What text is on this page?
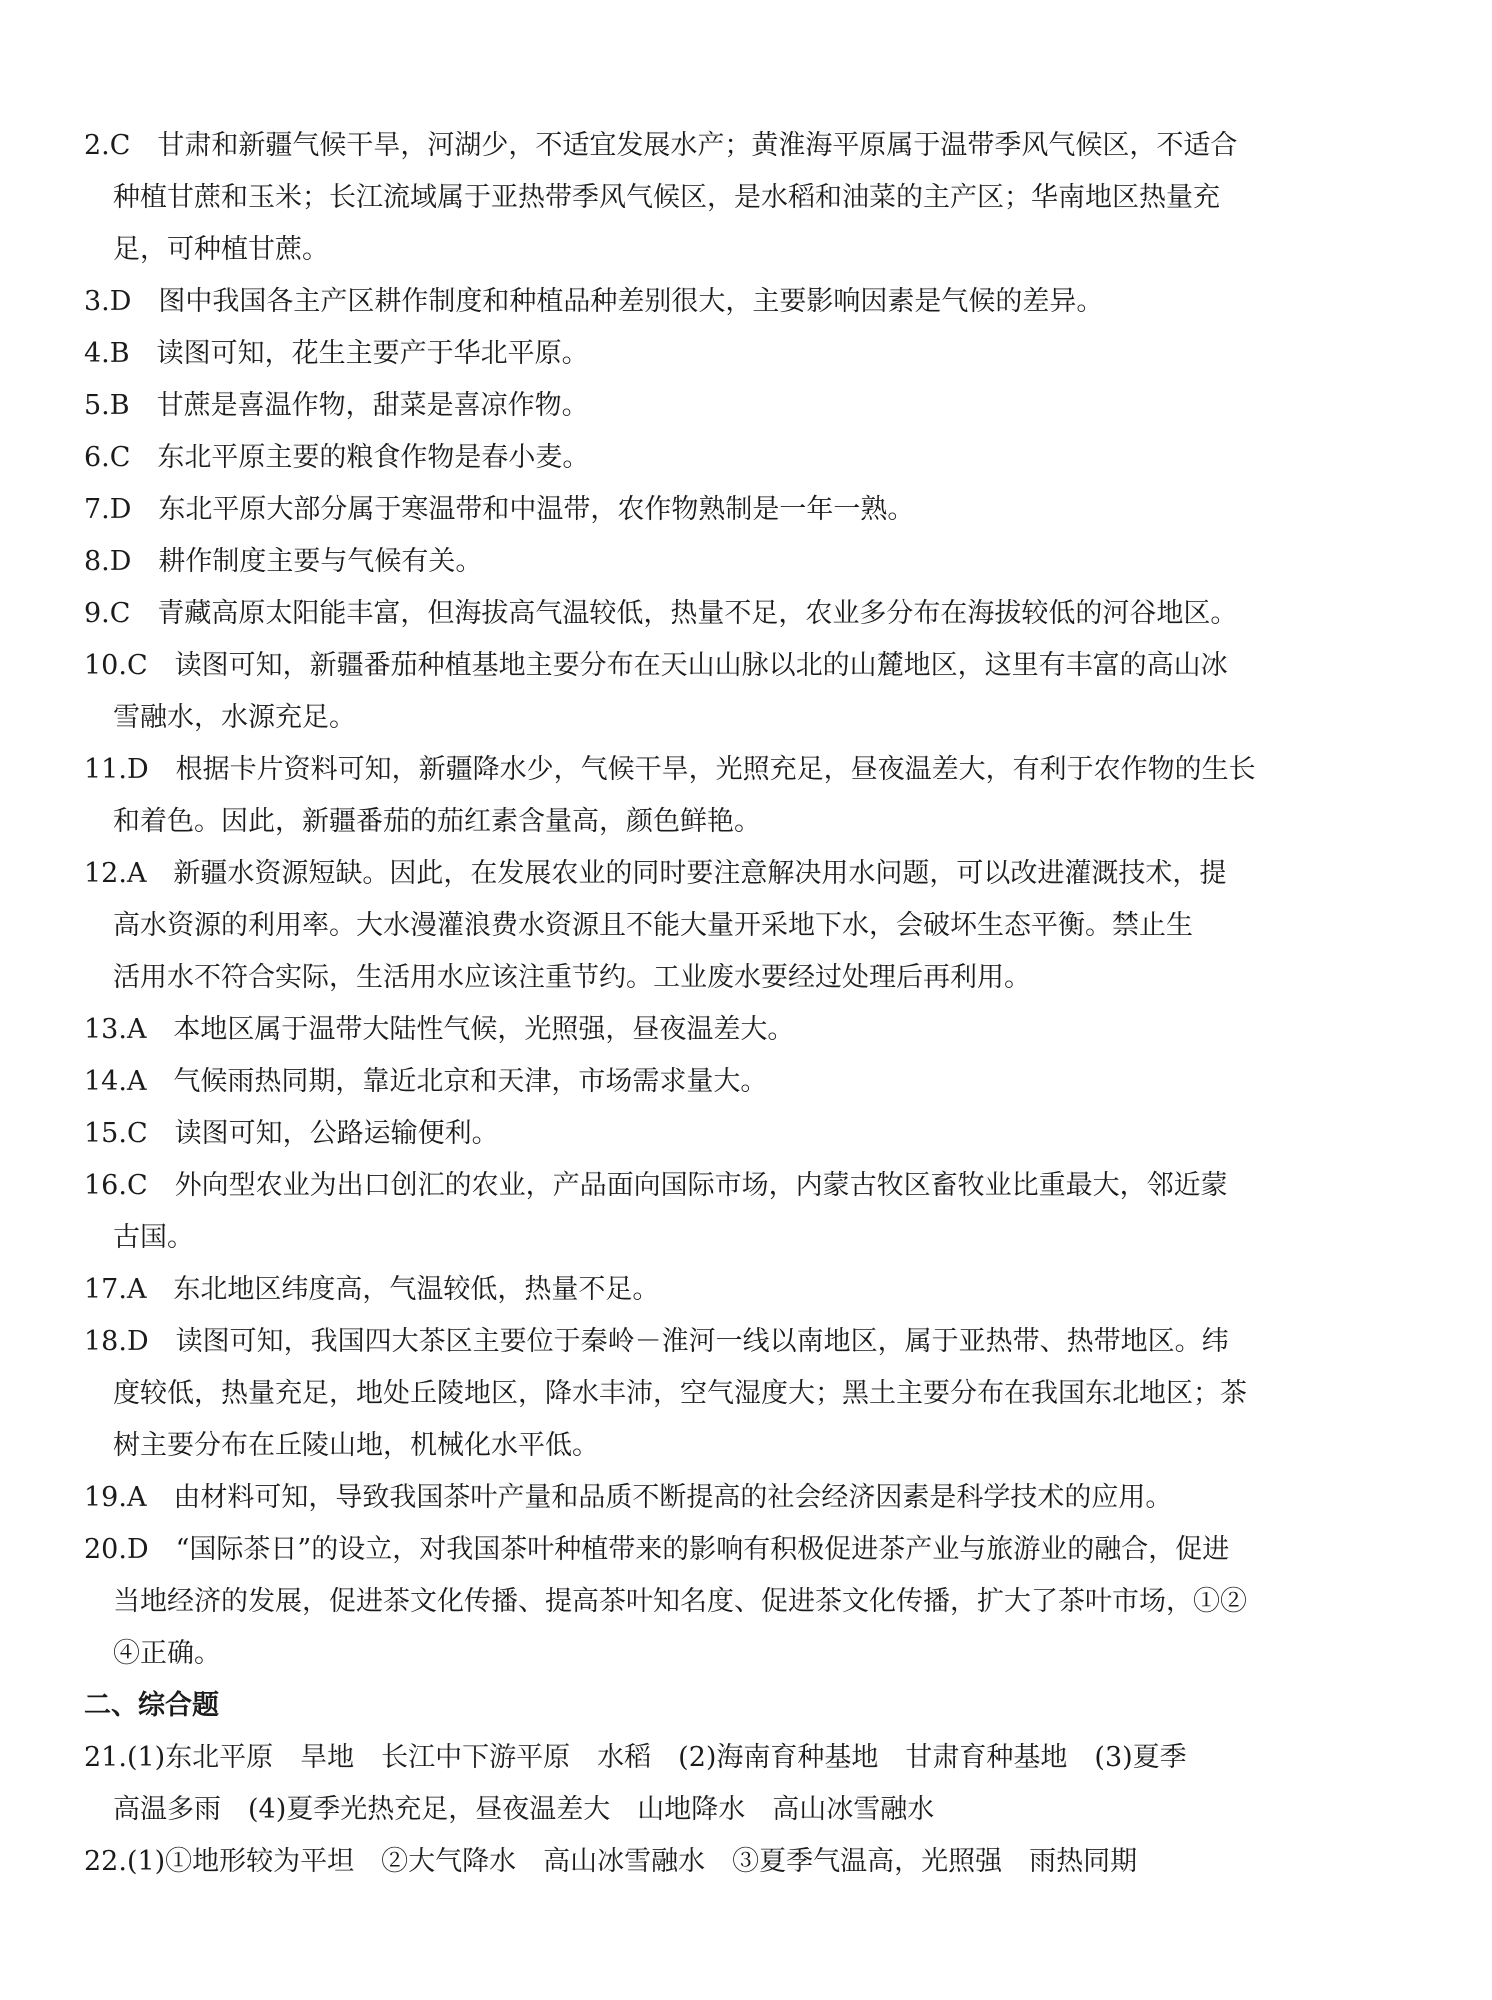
2.C　甘肃和新疆气候干旱，河湖少，不适宜发展水产；黄淮海平原属于温带季风气候区，不适合
种植甘蔗和玉米；长江流域属于亚热带季风气候区，是水稻和油菜的主产区；华南地区热量充
足，可种植甘蔗。
3.D　图中我国各主产区耕作制度和种植品种差别很大，主要影响因素是气候的差异。
4.B　读图可知，花生主要产于华北平原。
5.B　甘蔗是喜温作物，甜菜是喜凉作物。
6.C　东北平原主要的粮食作物是春小麦。
7.D　东北平原大部分属于寒温带和中温带，农作物熟制是一年一熟。
8.D　耕作制度主要与气候有关。
9.C　青藏高原太阳能丰富，但海拔高气温较低，热量不足，农业多分布在海拔较低的河谷地区。
10.C　读图可知，新疆番茄种植基地主要分布在天山山脉以北的山麓地区，这里有丰富的高山冰
雪融水，水源充足。
11.D　根据卡片资料可知，新疆降水少，气候干旱，光照充足，昼夜温差大，有利于农作物的生长
和着色。因此，新疆番茄的茄红素含量高，颜色鲜艳。
12.A　新疆水资源短缺。因此，在发展农业的同时要注意解决用水问题，可以改进灌溉技术，提
高水资源的利用率。大水漫灌浪费水资源且不能大量开采地下水，会破坏生态平衡。禁止生
活用水不符合实际，生活用水应该注重节约。工业废水要经过处理后再利用。
13.A　本地区属于温带大陆性气候，光照强，昼夜温差大。
14.A　气候雨热同期，靠近北京和天津，市场需求量大。
15.C　读图可知，公路运输便利。
16.C　外向型农业为出口创汇的农业，产品面向国际市场，内蒙古牧区畜牧业比重最大，邻近蒙
古国。
17.A　东北地区纬度高，气温较低，热量不足。
18.D　读图可知，我国四大茶区主要位于秦岭－淮河一线以南地区，属于亚热带、热带地区。纬
度较低，热量充足，地处丘陵地区，降水丰沛，空气湿度大；黑土主要分布在我国东北地区；茶
树主要分布在丘陵山地，机械化水平低。
19.A　由材料可知，导致我国茶叶产量和品质不断提高的社会经济因素是科学技术的应用。
20.D　“国际茶日”的设立，对我国茶叶种植带来的影响有积极促进茶产业与旅游业的融合，促进
当地经济的发展，促进茶文化传播、提高茶叶知名度、促进茶文化传播，扩大了茶叶市场，①②
④正确。
二、综合题
21.(1)东北平原　旱地　长江中下游平原　水稻　(2)海南育种基地　甘肃育种基地　(3)夏季
高温多雨　(4)夏季光热充足，昼夜温差大　山地降水　高山冰雪融水
22.(1)①地形较为平坦　②大气降水　高山冰雪融水　③夏季气温高，光照强　雨热同期
